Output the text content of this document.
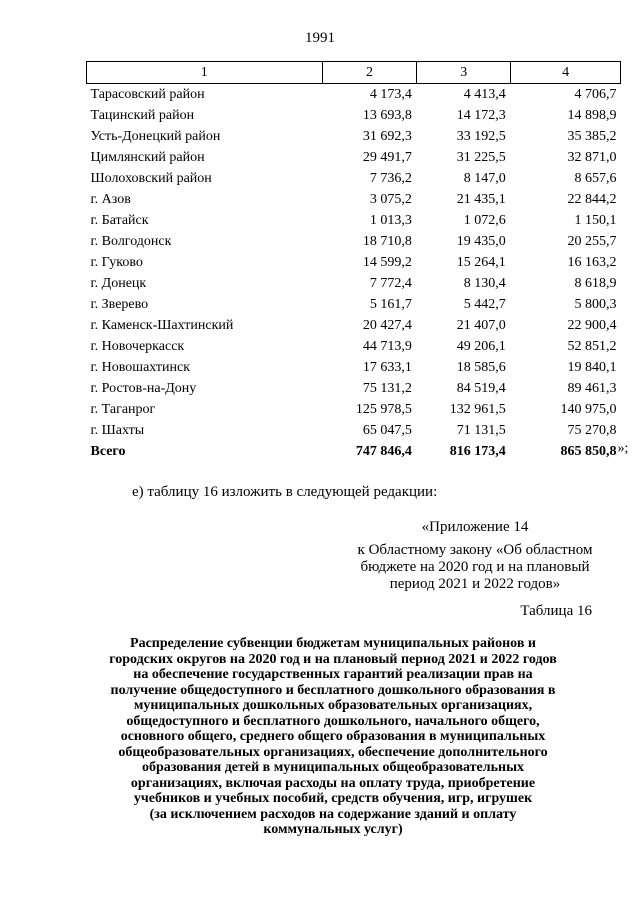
1991
1	2	3	4
Тарасовский район	4 173,4	4 413,4	4 706,7
Тацинский район	13 693,8	14 172,3	14 898,9
Усть-Донецкий район	31 692,3	33 192,5	35 385,2
Цимлянский район	29 491,7	31 225,5	32 871,0
Шолоховский район	7 736,2	8 147,0	8 657,6
г. Азов	3 075,2	21 435,1	22 844,2
г. Батайск	1 013,3	1 072,6	1 150,1
г. Волгодонск	18 710,8	19 435,0	20 255,7
г. Гуково	14 599,2	15 264,1	16 163,2
г. Донецк	7 772,4	8 130,4	8 618,9
г. Зверево	5 161,7	5 442,7	5 800,3
г. Каменск-Шахтинский	20 427,4	21 407,0	22 900,4
г. Новочеркасск	44 713,9	49 206,1	52 851,2
г. Новошахтинск	17 633,1	18 585,6	19 840,1
г. Ростов-на-Дону	75 131,2	84 519,4	89 461,3
г. Таганрог	125 978,5	132 961,5	140 975,0
г. Шахты	65 047,5	71 131,5	75 270,8
Всего	747 846,4	816 173,4	865 850,8 »;
е) таблицу 16 изложить в следующей редакции:
«Приложение 14
к Областному закону «Об областном
бюджете на 2020 год и на плановый
период 2021 и 2022 годов»
Таблица 16
Распределение субвенции бюджетам муниципальных районов и
городских округов на 2020 год и на плановый период 2021 и 2022 годов
на обеспечение государственных гарантий реализации прав на
получение общедоступного и бесплатного дошкольного образования в
муниципальных дошкольных образовательных организациях,
общедоступного и бесплатного дошкольного, начального общего,
основного общего, среднего общего образования в муниципальных
общеобразовательных организациях, обеспечение дополнительного
образования детей в муниципальных общеобразовательных
организациях, включая расходы на оплату труда, приобретение
учебников и учебных пособий, средств обучения, игр, игрушек
(за исключением расходов на содержание зданий и оплату
коммунальных услуг)
